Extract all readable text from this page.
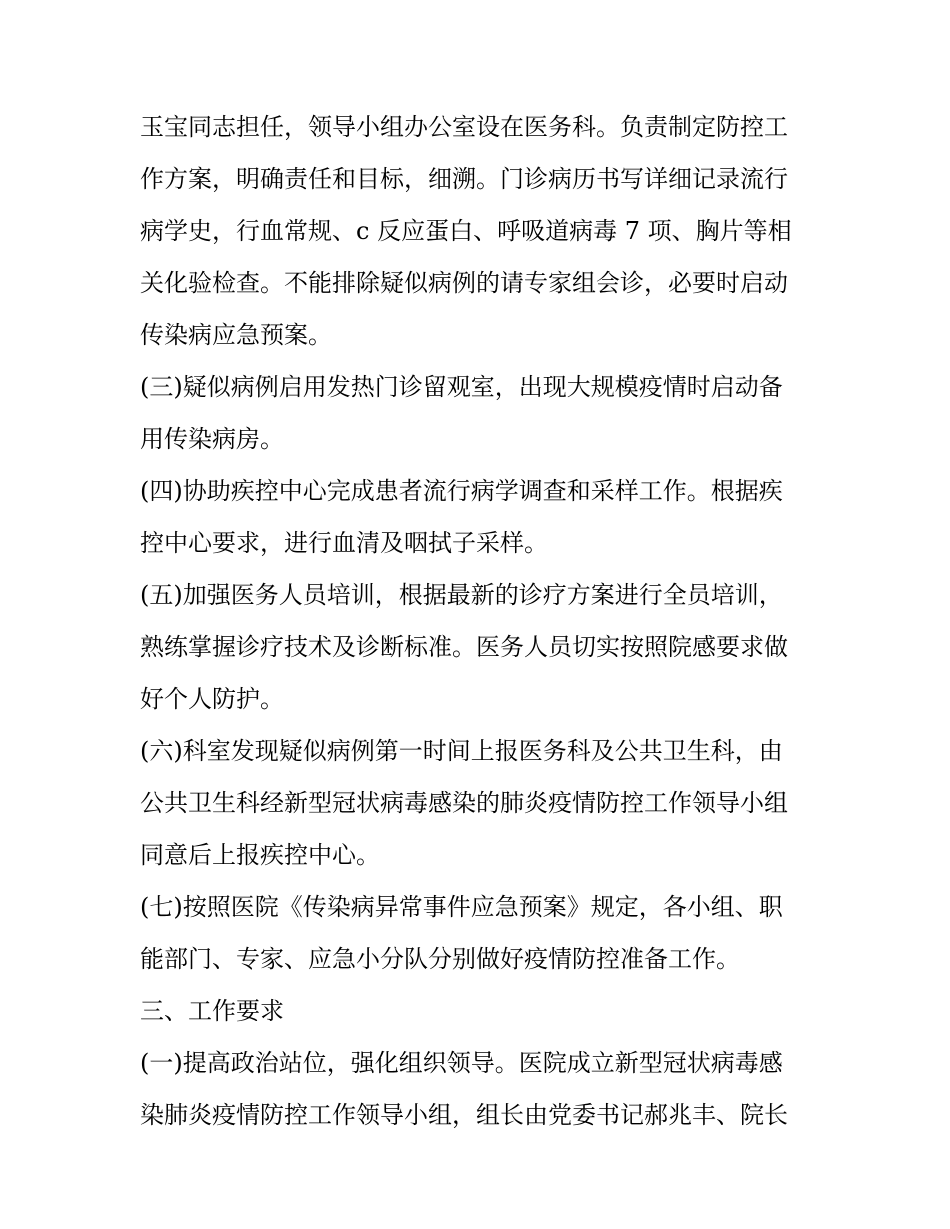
玉宝同志担任，领导小组办公室设在医务科。负责制定防控工
作方案，明确责任和目标，细溯。门诊病历书写详细记录流行
病学史，行血常规、c 反应蛋白、呼吸道病毒 7 项、胸片等相
关化验检查。不能排除疑似病例的请专家组会诊，必要时启动
传染病应急预案。
(三)疑似病例启用发热门诊留观室，出现大规模疫情时启动备
用传染病房。
(四)协助疾控中心完成患者流行病学调查和采样工作。根据疾
控中心要求，进行血清及咽拭子采样。
(五)加强医务人员培训，根据最新的诊疗方案进行全员培训，
熟练掌握诊疗技术及诊断标准。医务人员切实按照院感要求做
好个人防护。
(六)科室发现疑似病例第一时间上报医务科及公共卫生科，由
公共卫生科经新型冠状病毒感染的肺炎疫情防控工作领导小组
同意后上报疾控中心。
(七)按照医院《传染病异常事件应急预案》规定，各小组、职
能部门、专家、应急小分队分别做好疫情防控准备工作。
三、工作要求
(一)提高政治站位，强化组织领导。医院成立新型冠状病毒感
染肺炎疫情防控工作领导小组，组长由党委书记郝兆丰、院长
